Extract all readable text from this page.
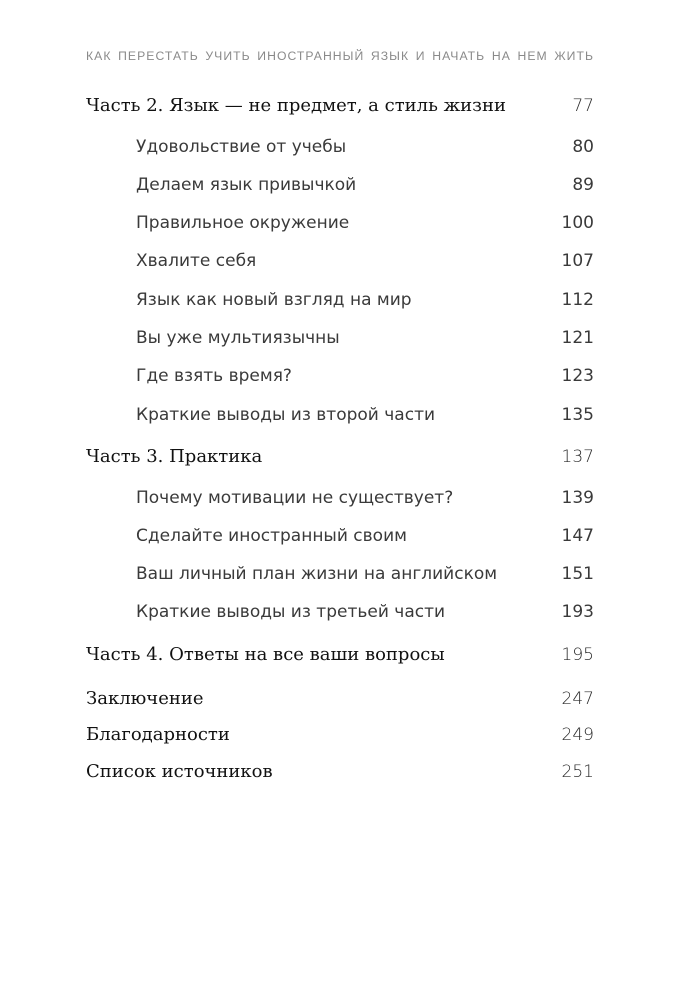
КАК ПЕРЕСТАТЬ УЧИТЬ ИНОСТРАННЫЙ ЯЗЫК И НАЧАТЬ НА НЕМ ЖИТЬ
Часть 2. Язык — не предмет, а стиль жизни	77
Удовольствие от учебы	80
Делаем язык привычкой	89
Правильное окружение	100
Хвалите себя	107
Язык как новый взгляд на мир	112
Вы уже мультиязычны	121
Где взять время?	123
Краткие выводы из второй части	135
Часть 3. Практика	137
Почему мотивации не существует?	139
Сделайте иностранный своим	147
Ваш личный план жизни на английском	151
Краткие выводы из третьей части	193
Часть 4. Ответы на все ваши вопросы	195
Заключение	247
Благодарности	249
Список источников	251
